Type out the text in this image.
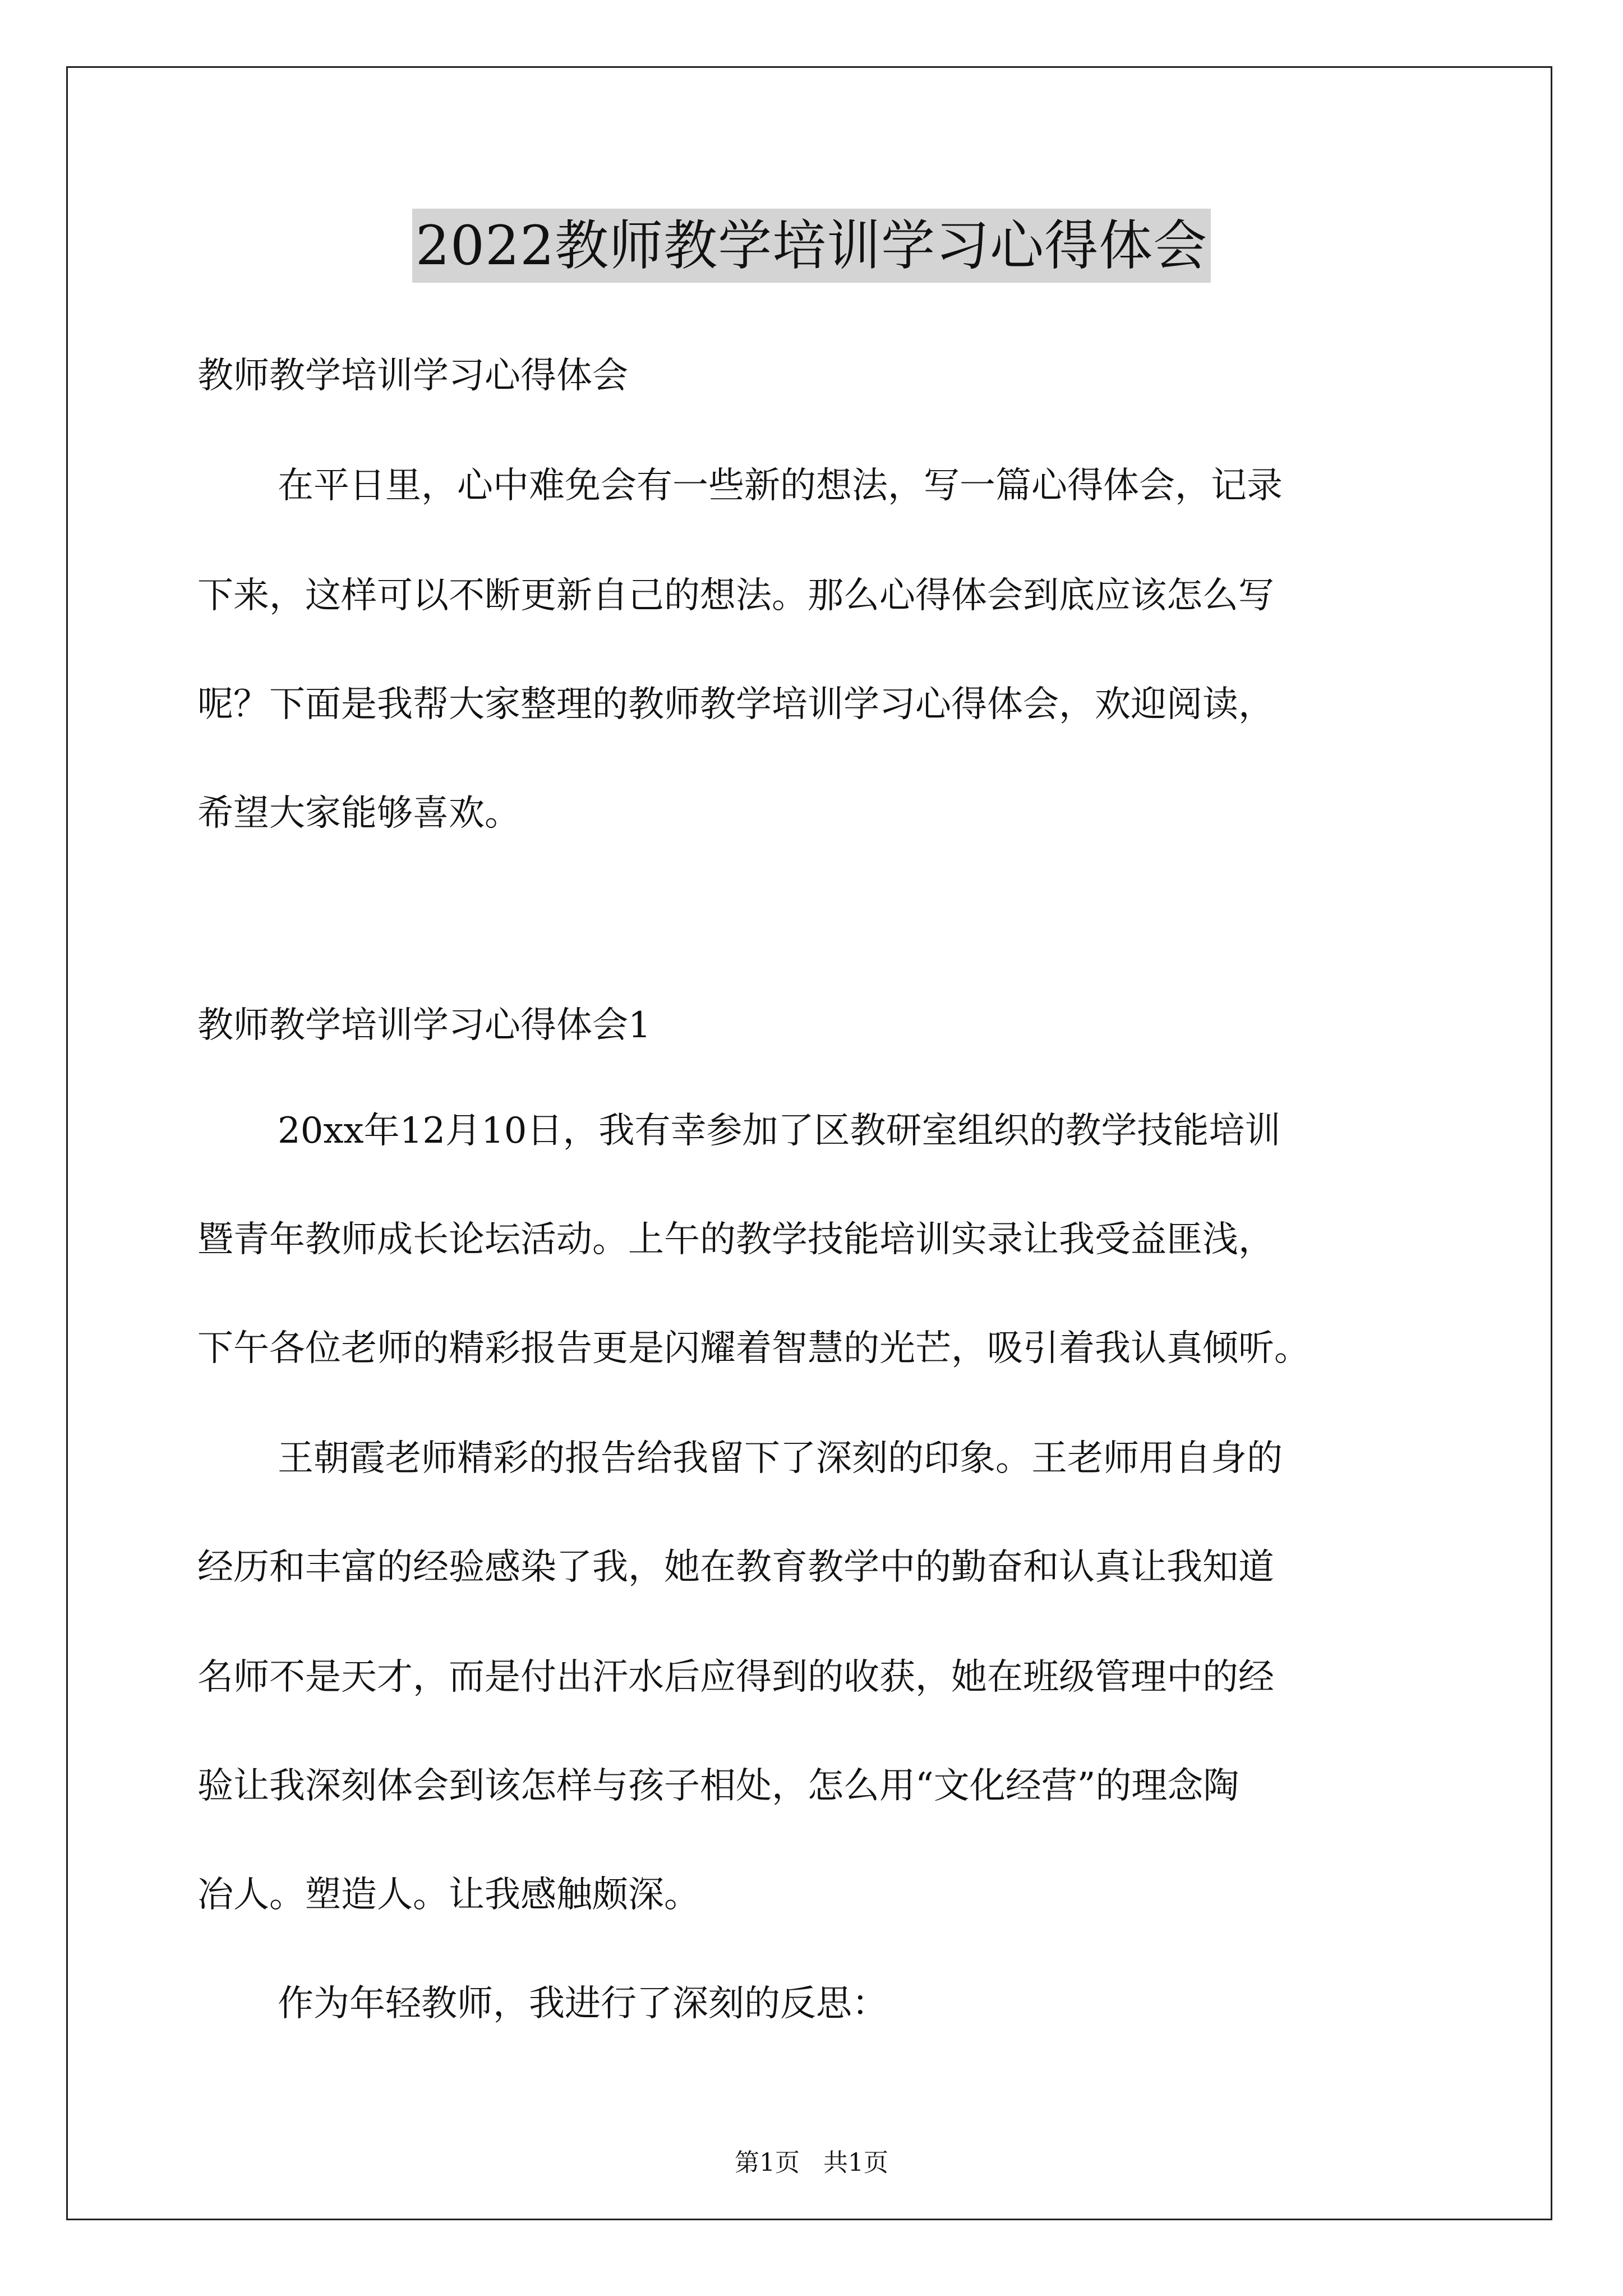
2022教师教学培训学习心得体会
教师教学培训学习心得体会
在平日里，心中难免会有一些新的想法，写一篇心得体会，记录
下来，这样可以不断更新自己的想法。那么心得体会到底应该怎么写
呢？下面是我帮大家整理的教师教学培训学习心得体会，欢迎阅读，
希望大家能够喜欢。
教师教学培训学习心得体会1
20xx年12月10日，我有幸参加了区教研室组织的教学技能培训
暨青年教师成长论坛活动。上午的教学技能培训实录让我受益匪浅，
下午各位老师的精彩报告更是闪耀着智慧的光芒，吸引着我认真倾听。
王朝霞老师精彩的报告给我留下了深刻的印象。王老师用自身的
经历和丰富的经验感染了我，她在教育教学中的勤奋和认真让我知道
名师不是天才，而是付出汗水后应得到的收获，她在班级管理中的经
验让我深刻体会到该怎样与孩子相处，怎么用“文化经营”的理念陶
冶人。塑造人。让我感触颇深。
作为年轻教师，我进行了深刻的反思：
第1页 共1页
